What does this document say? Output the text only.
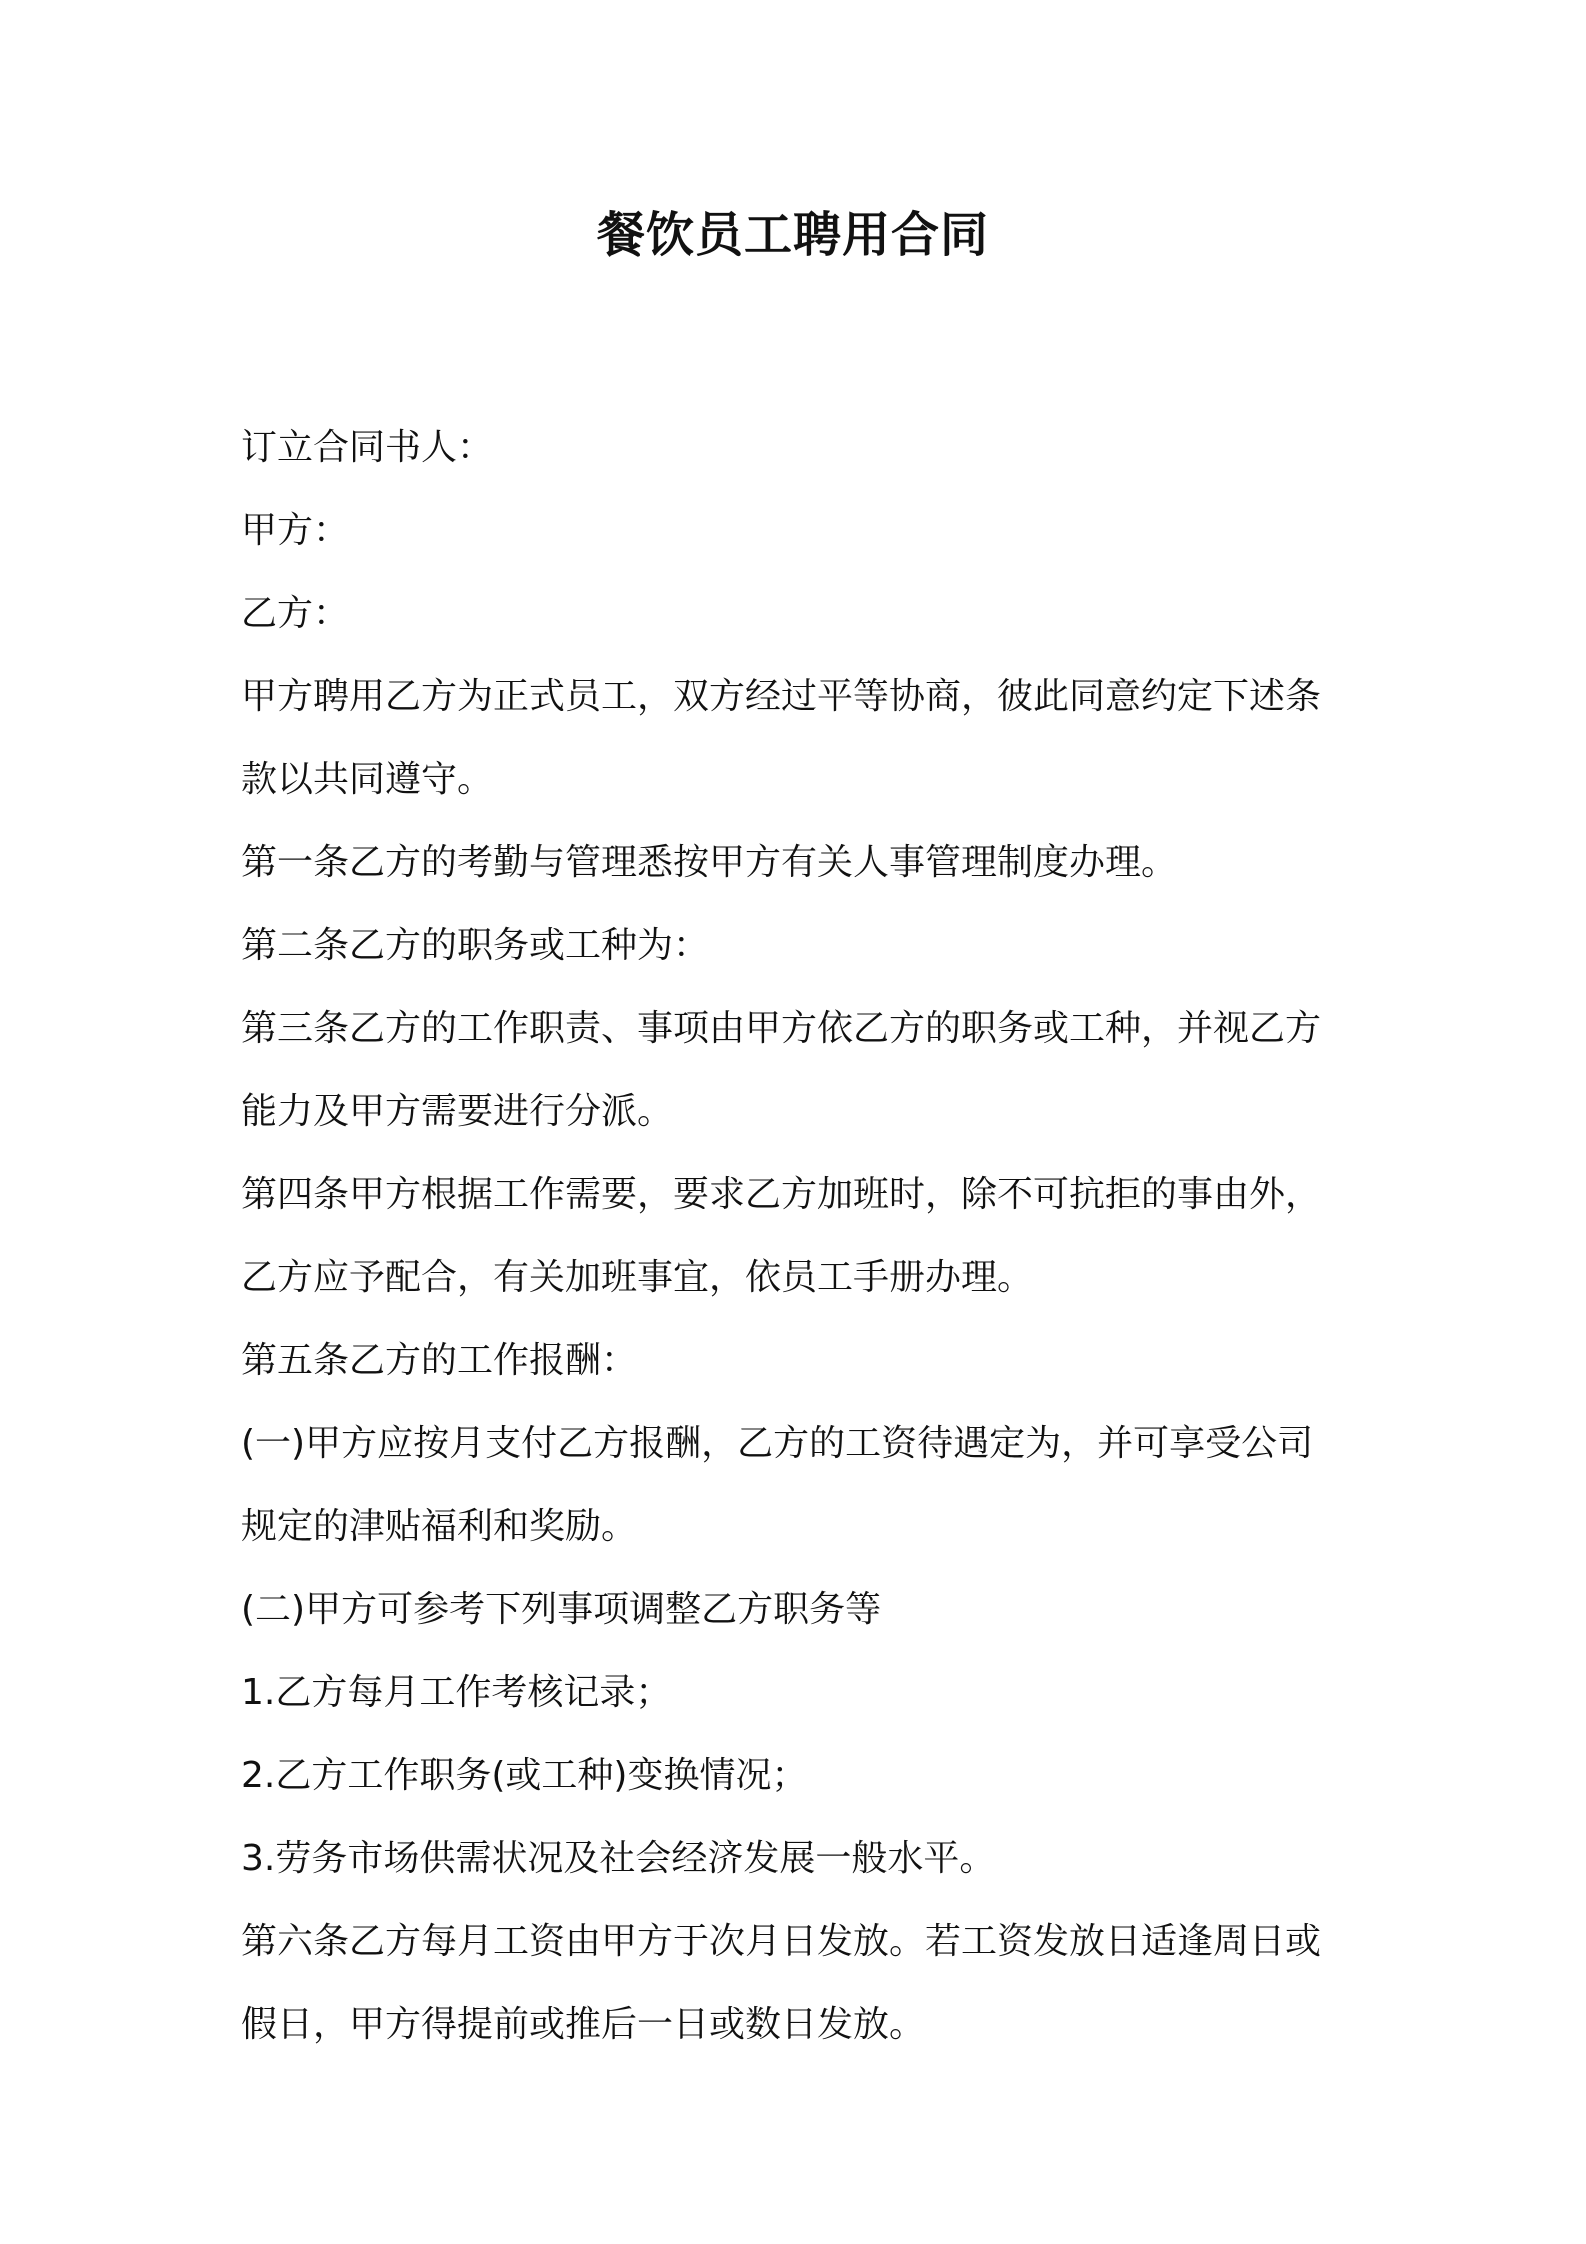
餐饮员工聘用合同
订立合同书人：
甲方：
乙方：
甲方聘用乙方为正式员工，双方经过平等协商，彼此同意约定下述条
款以共同遵守。
第一条乙方的考勤与管理悉按甲方有关人事管理制度办理。
第二条乙方的职务或工种为：
第三条乙方的工作职责、事项由甲方依乙方的职务或工种，并视乙方
能力及甲方需要进行分派。
第四条甲方根据工作需要，要求乙方加班时，除不可抗拒的事由外，
乙方应予配合，有关加班事宜，依员工手册办理。
第五条乙方的工作报酬：
(一)甲方应按月支付乙方报酬，乙方的工资待遇定为，并可享受公司
规定的津贴福利和奖励。
(二)甲方可参考下列事项调整乙方职务等
1.乙方每月工作考核记录；
2.乙方工作职务(或工种)变换情况；
3.劳务市场供需状况及社会经济发展一般水平。
第六条乙方每月工资由甲方于次月日发放。若工资发放日适逢周日或
假日，甲方得提前或推后一日或数日发放。
